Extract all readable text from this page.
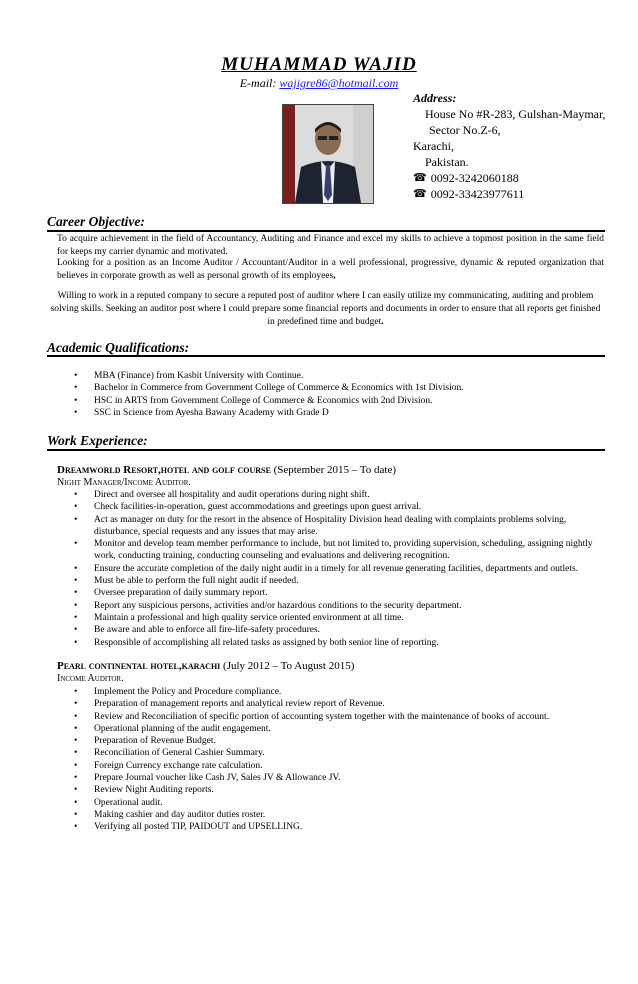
MUHAMMAD WAJID
E-mail: wajigre86@hotmail.com
Address:
House No #R-283, Gulshan-Maymar,
Sector No.Z-6,
Karachi,
Pakistan.
☎ 0092-3242060188
☎ 0092-33423977611
Career Objective:
To acquire achievement in the field of Accountancy, Auditing and Finance and excel my skills to achieve a topmost position in the same field for keeps my carrier dynamic and motivated.
Looking for a position as an Income Auditor / Accountant/Auditor in a well professional, progressive, dynamic & reputed organization that believes in corporate growth as well as personal growth of its employees,
Willing to work in a reputed company to secure a reputed post of auditor where I can easily utilize my communicating, auditing and problem solving skills. Seeking an auditor post where I could prepare some financial reports and documents in order to ensure that all reports get finished in predefined time and budget.
Academic Qualifications:
• MBA (Finance) from Kasbit University with Continue.
• Bachelor in Commerce from Government College of Commerce & Economics with 1st Division.
• HSC in ARTS from Government College of Commerce & Economics with 2nd Division.
• SSC in Science from Ayesha Bawany Academy with Grade D
Work Experience:
Dreamworld Resort,hotel and golf course (September 2015 – To date)
Night Manager/Income Auditor.
• Direct and oversee all hospitality and audit operations during night shift.
• Check facilities-in-operation, guest accommodations and greetings upon guest arrival.
• Act as manager on duty for the resort in the absence of Hospitality Division head dealing with complaints problems solving, disturbance, special requests and any issues that may arise.
• Monitor and develop team member performance to include, but not limited to, providing supervision, scheduling, assigning nightly work, conducting training, conducting counseling and evaluations and delivering recognition.
• Ensure the accurate completion of the daily night audit in a timely for all revenue generating facilities, departments and outlets.
• Must be able to perform the full night audit if needed.
• Oversee preparation of daily summary report.
• Report any suspicious persons, activities and/or hazardous conditions to the security department.
• Maintain a professional and high quality service oriented environment at all time.
• Be aware and able to enforce all fire-life-safety procedures.
• Responsible of accomplishing all related tasks as assigned by both senior line of reporting.
Pearl continental hotel,karachi (July 2012 – To August 2015)
Income Auditor.
• Implement the Policy and Procedure compliance.
• Preparation of management reports and analytical review report of Revenue.
• Review and Reconciliation of specific portion of accounting system together with the maintenance of books of account.
• Operational planning of the audit engagement.
• Preparation of Revenue Budget.
• Reconciliation of General Cashier Summary.
• Foreign Currency exchange rate calculation.
• Prepare Journal voucher like Cash JV, Sales JV & Allowance JV.
• Review Night Auditing reports.
• Operational audit.
• Making cashier and day auditor duties roster.
• Verifying all posted TIP, PAIDOUT and UPSELLING.
